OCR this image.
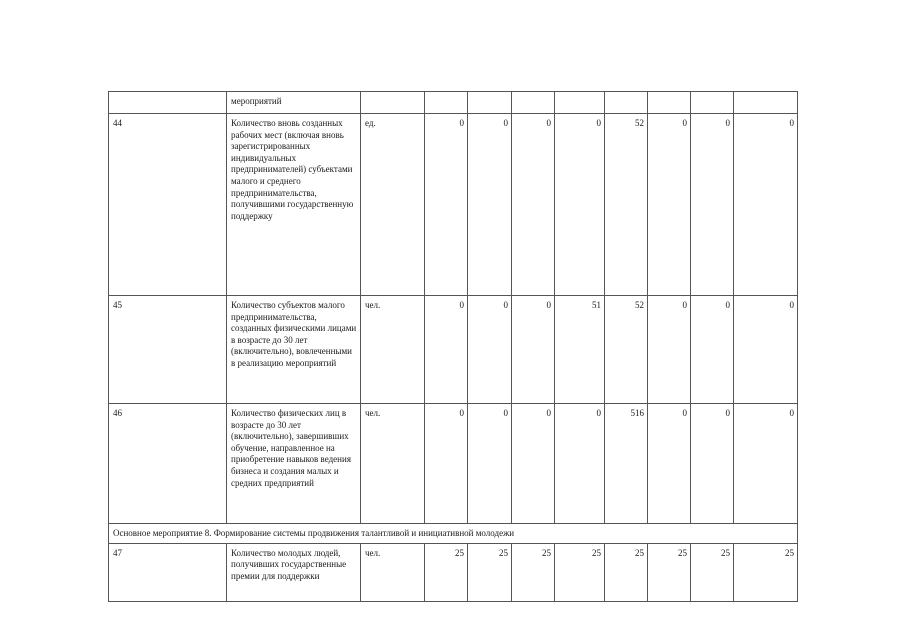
	мероприятий									
44	Количество вновь созданных рабочих мест (включая вновь зарегистрированных индивидуальных предпринимателей) субъектами малого и среднего предпринимательства, получившими государственную поддержку	ед.	0	0	0	0	52	0	0	0
45	Количество субъектов малого предпринимательства, созданных физическими лицами в возрасте до 30 лет (включительно), вовлеченными в реализацию мероприятий	чел.	0	0	0	51	52	0	0	0
46	Количество физических лиц в возрасте до 30 лет (включительно), завершивших обучение, направленное на приобретение навыков ведения бизнеса и создания малых и средних предприятий	чел.	0	0	0	0	516	0	0	0
Основное мероприятие 8. Формирование системы продвижения талантливой и инициативной молодежи										
47	Количество молодых людей, получивших государственные премии для поддержки	чел.	25	25	25	25	25	25	25	25
